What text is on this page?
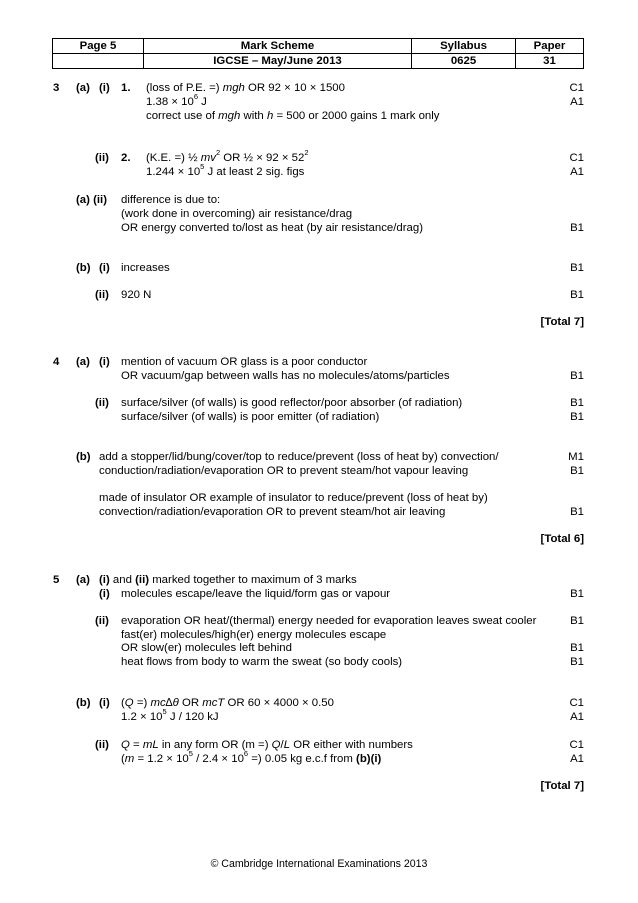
Page 5	Mark Scheme	Syllabus	Paper
	IGCSE – May/June 2013	0625	31
3 (a) (i) 1. (loss of P.E. =) mgh OR 92 × 10 × 1500	C1
$1.38 \times 10^6$ J	A1
correct use of mgh with h = 500 or 2000 gains 1 mark only
(ii) 2. (K.E. =) ½ $mv^2$ OR ½ × $92 \times 52^2$	C1
$1.244 \times 10^5$ J at least 2 sig. figs	A1
(a) (ii) difference is due to:
(work done in overcoming) air resistance/drag
OR energy converted to/lost as heat (by air resistance/drag)	B1
(b) (i) increases	B1
(ii) 920 N	B1
[Total 7]
4 (a) (i) mention of vacuum OR glass is a poor conductor
OR vacuum/gap between walls has no molecules/atoms/particles	B1
(ii) surface/silver (of walls) is good reflector/poor absorber (of radiation)	B1
surface/silver (of walls) is poor emitter (of radiation)	B1
(b) add a stopper/lid/bung/cover/top to reduce/prevent (loss of heat by) convection/	M1
conduction/radiation/evaporation OR to prevent steam/hot vapour leaving	B1
made of insulator OR example of insulator to reduce/prevent (loss of heat by)
convection/radiation/evaporation OR to prevent steam/hot air leaving	B1
[Total 6]
5 (a) (i) and (ii) marked together to maximum of 3 marks
(i) molecules escape/leave the liquid/form gas or vapour	B1
(ii) evaporation OR heat/(thermal) energy needed for evaporation leaves sweat cooler	B1
fast(er) molecules/high(er) energy molecules escape
OR slow(er) molecules left behind	B1
heat flows from body to warm the sweat (so body cools)	B1
(b) (i) (Q =) mc∆θ OR mcT OR 60 × 4000 × 0.50	C1
$1.2 \times 10^5$ J / 120 kJ	A1
(ii) Q = mL in any form OR (m =) Q/L OR either with numbers	C1
($m = 1.2 \times 10^5 / 2.4 \times 10^6$ =) 0.05 kg e.c.f from (b)(i)	A1
[Total 7]
© Cambridge International Examinations 2013
